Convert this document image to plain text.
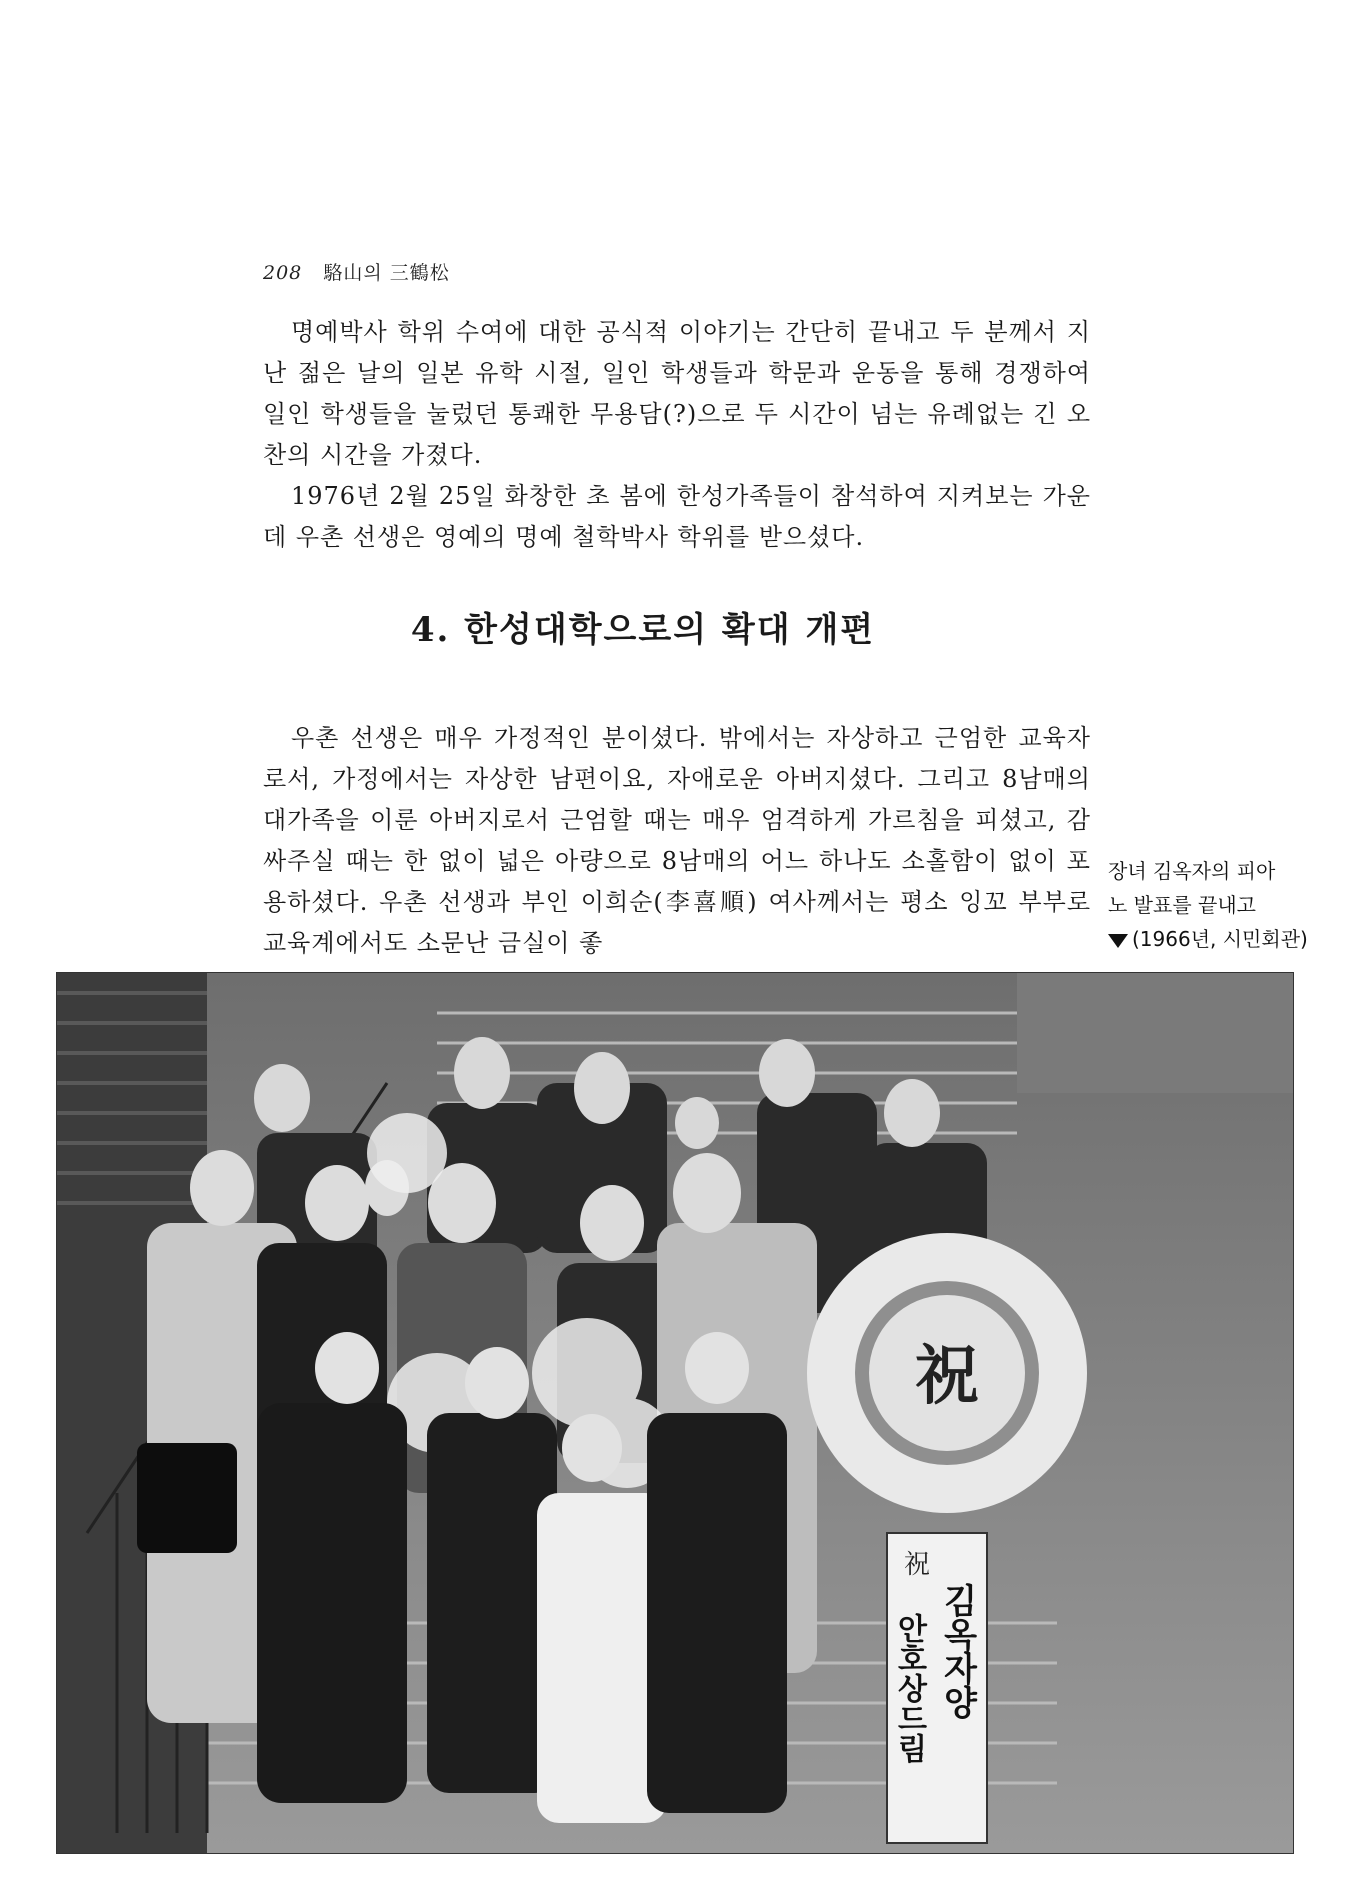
208 駱山의 三鶴松

명예박사 학위 수여에 대한 공식적 이야기는 간단히 끝내고 두 분께서 지난 젊은 날의 일본 유학 시절, 일인 학생들과 학문과 운동을 통해 경쟁하여 일인 학생들을 눌렀던 통쾌한 무용담(?)으로 두 시간이 넘는 유례없는 긴 오찬의 시간을 가졌다.

1976년 2월 25일 화창한 초 봄에 한성가족들이 참석하여 지켜보는 가운데 우촌 선생은 영예의 명예 철학박사 학위를 받으셨다.

4. 한성대학으로의 확대 개편

우촌 선생은 매우 가정적인 분이셨다. 밖에서는 자상하고 근엄한 교육자로서, 가정에서는 자상한 남편이요, 자애로운 아버지셨다. 그리고 8남매의 대가족을 이룬 아버지로서 근엄할 때는 매우 엄격하게 가르침을 피셨고, 감싸주실 때는 한 없이 넓은 아량으로 8남매의 어느 하나도 소홀함이 없이 포용하셨다. 우촌 선생과 부인 이희순(李喜順) 여사께서는 평소 잉꼬 부부로 교육계에서도 소문난 금실이 좋

장녀 김옥자의 피아
노 발표를 끝내고
(1966년, 시민회관)
祝
祝
김옥자양
안호상드림
